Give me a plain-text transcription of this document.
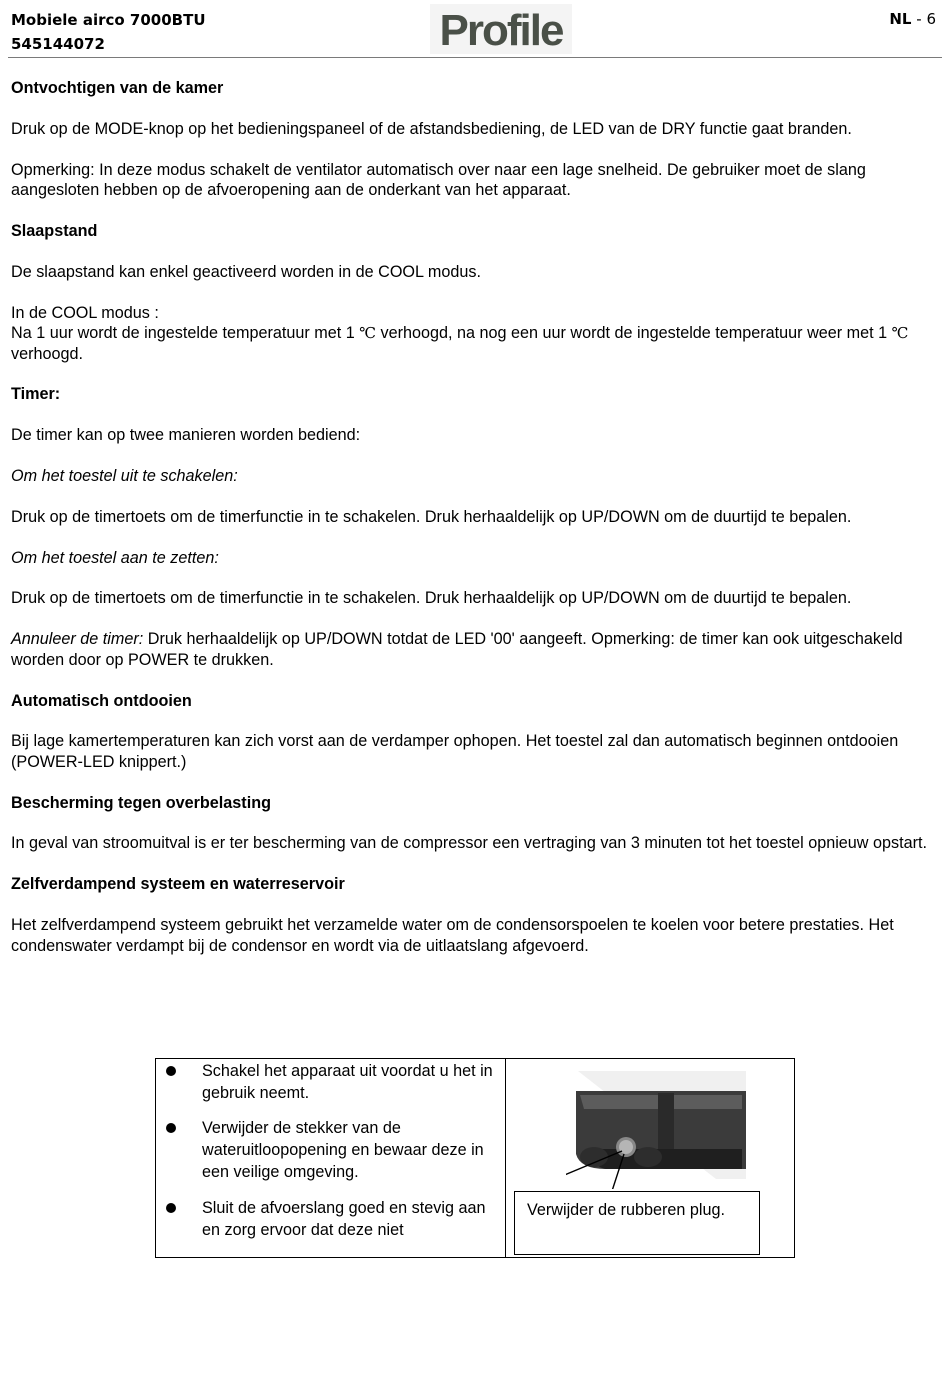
Mobiele airco 7000BTU
545144072	Profile	NL - 6
Ontvochtigen van de kamer

Druk op de MODE-knop op het bedieningspaneel of de afstandsbediening, de LED van de DRY functie gaat branden.

Opmerking: In deze modus schakelt de ventilator automatisch over naar een lage snelheid. De gebruiker moet de slang aangesloten hebben op de afvoeropening aan de onderkant van het apparaat.

Slaapstand

De slaapstand kan enkel geactiveerd worden in de COOL modus.

In de COOL modus :
Na 1 uur wordt de ingestelde temperatuur met 1 ℃ verhoogd, na nog een uur wordt de ingestelde temperatuur weer met 1 ℃ verhoogd.

Timer:

De timer kan op twee manieren worden bediend:

Om het toestel uit te schakelen:

Druk op de timertoets om de timerfunctie in te schakelen. Druk herhaaldelijk op UP/DOWN om de duurtijd te bepalen.

Om het toestel aan te zetten:

Druk op de timertoets om de timerfunctie in te schakelen. Druk herhaaldelijk op UP/DOWN om de duurtijd te bepalen.

Annuleer de timer: Druk herhaaldelijk op UP/DOWN totdat de LED '00' aangeeft. Opmerking: de timer kan ook uitgeschakeld worden door op POWER te drukken.

Automatisch ontdooien

Bij lage kamertemperaturen kan zich vorst aan de verdamper ophopen. Het toestel zal dan automatisch beginnen ontdooien (POWER-LED knippert.)

Bescherming tegen overbelasting

In geval van stroomuitval is er ter bescherming van de compressor een vertraging van 3 minuten tot het toestel opnieuw opstart.

Zelfverdampend systeem en waterreservoir

Het zelfverdampend systeem gebruikt het verzamelde water om de condensorspoelen te koelen voor betere prestaties. Het condenswater verdampt bij de condensor en wordt via de uitlaatslang afgevoerd.

Schakel het apparaat uit voordat u het in gebruik neemt.
Verwijder de stekker van de wateruitloopopening en bewaar deze in een veilige omgeving.
Sluit de afvoerslang goed en stevig aan en zorg ervoor dat deze niet
Verwijder de rubberen plug.
